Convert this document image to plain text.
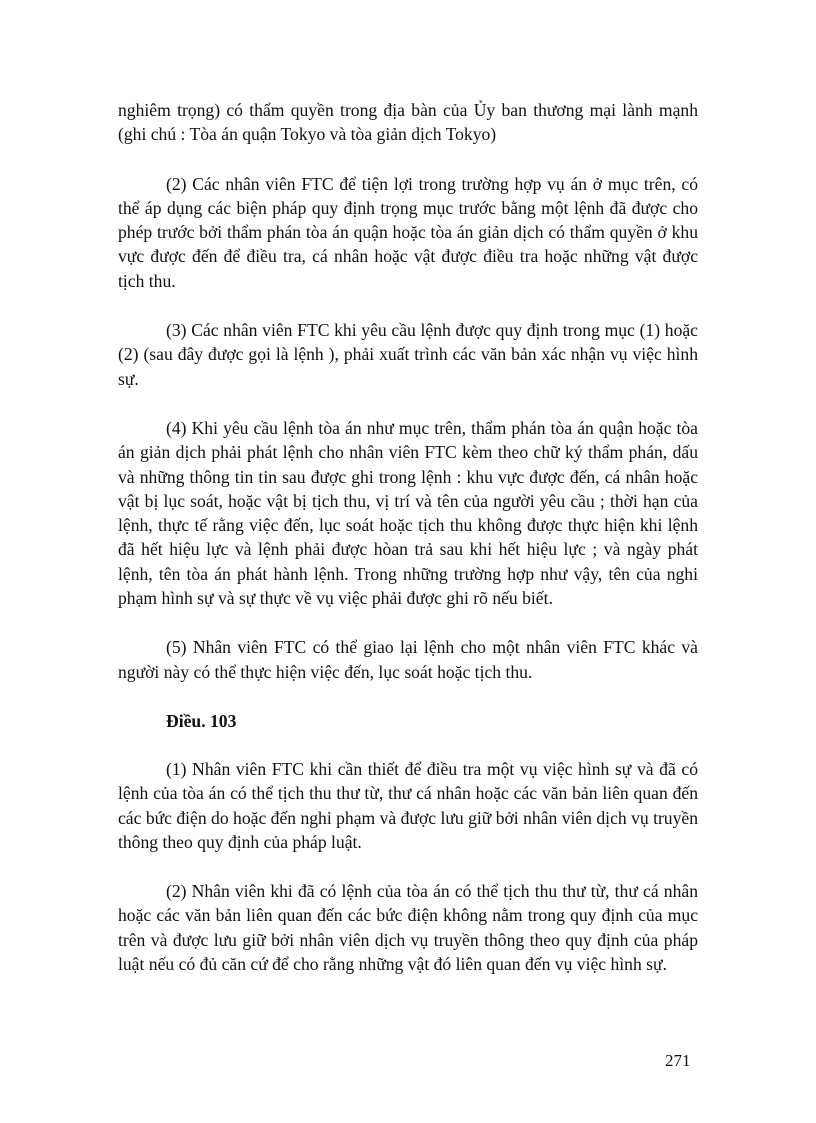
nghiêm trọng) có thẩm quyền trong địa bàn của Ủy ban thương mại lành mạnh (ghi chú : Tòa án quận Tokyo và tòa giản dịch Tokyo)

(2) Các nhân viên FTC để tiện lợi trong trường hợp vụ án ở mục trên, có thể áp dụng các biện pháp quy định trọng mục trước bằng một lệnh đã được cho phép trước bởi thẩm phán tòa án quận hoặc tòa án giản dịch có thẩm quyền ở khu vực được đến để điều tra, cá nhân hoặc vật được điều tra hoặc những vật được tịch thu.

(3) Các nhân viên FTC khi yêu cầu lệnh được quy định trong mục (1) hoặc (2) (sau đây được gọi là lệnh ), phải xuất trình các văn bản xác nhận vụ việc hình sự.

(4) Khi yêu cầu lệnh tòa án như mục trên, thẩm phán tòa án quận hoặc tòa án giản dịch phải phát lệnh cho nhân viên FTC kèm theo chữ ký thẩm phán, dấu và những thông tin tin sau được ghi trong lệnh : khu vực được đến, cá nhân hoặc vật bị lục soát, hoặc vật bị tịch thu, vị trí và tên của người yêu cầu ; thời hạn của lệnh, thực tế rằng việc đến, lục soát hoặc tịch thu không được thực hiện khi lệnh đã hết hiệu lực và lệnh phải được hòan trả sau khi hết hiệu lực ; và ngày phát lệnh, tên tòa án phát hành lệnh. Trong những trường hợp như vậy, tên của nghi phạm hình sự và sự thực về vụ việc phải được ghi rõ nếu biết.

(5) Nhân viên FTC có thể giao lại lệnh cho một nhân viên FTC khác và người này có thể thực hiện việc đến, lục soát hoặc tịch thu.

Điều. 103

(1) Nhân viên FTC khi cần thiết để điều tra một vụ việc hình sự và đã có lệnh của tòa án có thể tịch thu thư từ, thư cá nhân hoặc các văn bản liên quan đến các bức điện do hoặc đến nghi phạm và được lưu giữ bởi nhân viên dịch vụ truyền thông theo quy định của pháp luật.

(2) Nhân viên khi đã có lệnh của tòa án có thể tịch thu thư từ, thư cá nhân hoặc các văn bản liên quan đến các bức điện không nằm trong quy định của mục trên và được lưu giữ bởi nhân viên dịch vụ truyền thông theo quy định của pháp luật nếu có đủ căn cứ để cho rằng những vật đó liên quan đến vụ việc hình sự.

271
